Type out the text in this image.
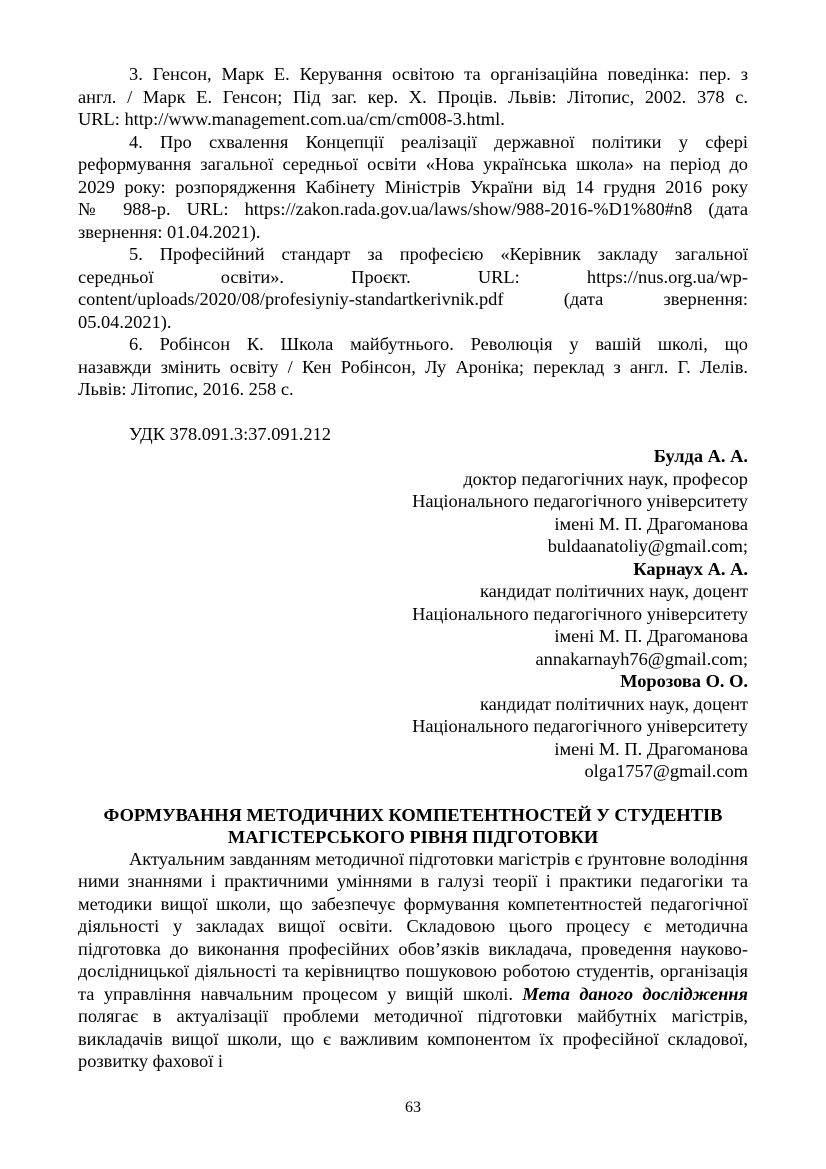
3. Генсон, Марк Е. Керування освітою та організаційна поведінка: пер. з

англ. / Марк Е. Генсон; Під заг. кер. Х. Проців. Львів: Літопис, 2002. 378 с.

URL: http://www.management.com.ua/cm/cm008-3.html.

4. Про схвалення Концепції реалізації державної політики у сфері

реформування загальної середньої освіти «Нова українська школа» на період до

2029 року: розпорядження Кабінету Міністрів України від 14 грудня 2016 року

№ 988-р. URL: https://zakon.rada.gov.ua/laws/show/988-2016-%D1%80#n8 (дата

звернення: 01.04.2021).

5. Професійний стандарт за професією «Керівник закладу загальної

середньої освіти». Проєкт. URL: https://nus.org.ua/wp-

content/uploads/2020/08/profesiyniy-standartkerivnik.pdf (дата звернення:

05.04.2021).

6. Робінсон К. Школа майбутнього. Революція у вашій школі, що

назавжди змінить освіту / Кен Робінсон, Лу Ароніка; переклад з англ. Г. Лелів.

Львів: Літопис, 2016. 258 с.

УДК 378.091.3:37.091.212

Булда А. А.

доктор педагогічних наук, професор

Національного педагогічного університету

імені М. П. Драгоманова

buldaanatoliy@gmail.com;

Карнаух А. А.

кандидат політичних наук, доцент

Національного педагогічного університету

імені М. П. Драгоманова

annakarnayh76@gmail.com;

Морозова О. О.

кандидат політичних наук, доцент

Національного педагогічного університету

імені М. П. Драгоманова

olga1757@gmail.com

ФОРМУВАННЯ МЕТОДИЧНИХ КОМПЕТЕНТНОСТЕЙ У СТУДЕНТІВ

МАГІСТЕРСЬКОГО РІВНЯ ПІДГОТОВКИ

Актуальним завданням методичної підготовки магістрів є ґрунтовне володіння ними знаннями і практичними уміннями в галузі теорії і практики педагогіки та методики вищої школи, що забезпечує формування компетентностей педагогічної діяльності у закладах вищої освіти. Складовою цього процесу є методична підготовка до виконання професійних обов’язків викладача, проведення науково-дослідницької діяльності та керівництво пошуковою роботою студентів, організація та управління навчальним процесом у вищій школі. Мета даного дослідження полягає в актуалізації проблеми методичної підготовки майбутніх магістрів, викладачів вищої школи, що є важливим компонентом їх професійної складової, розвитку фахової і

63
